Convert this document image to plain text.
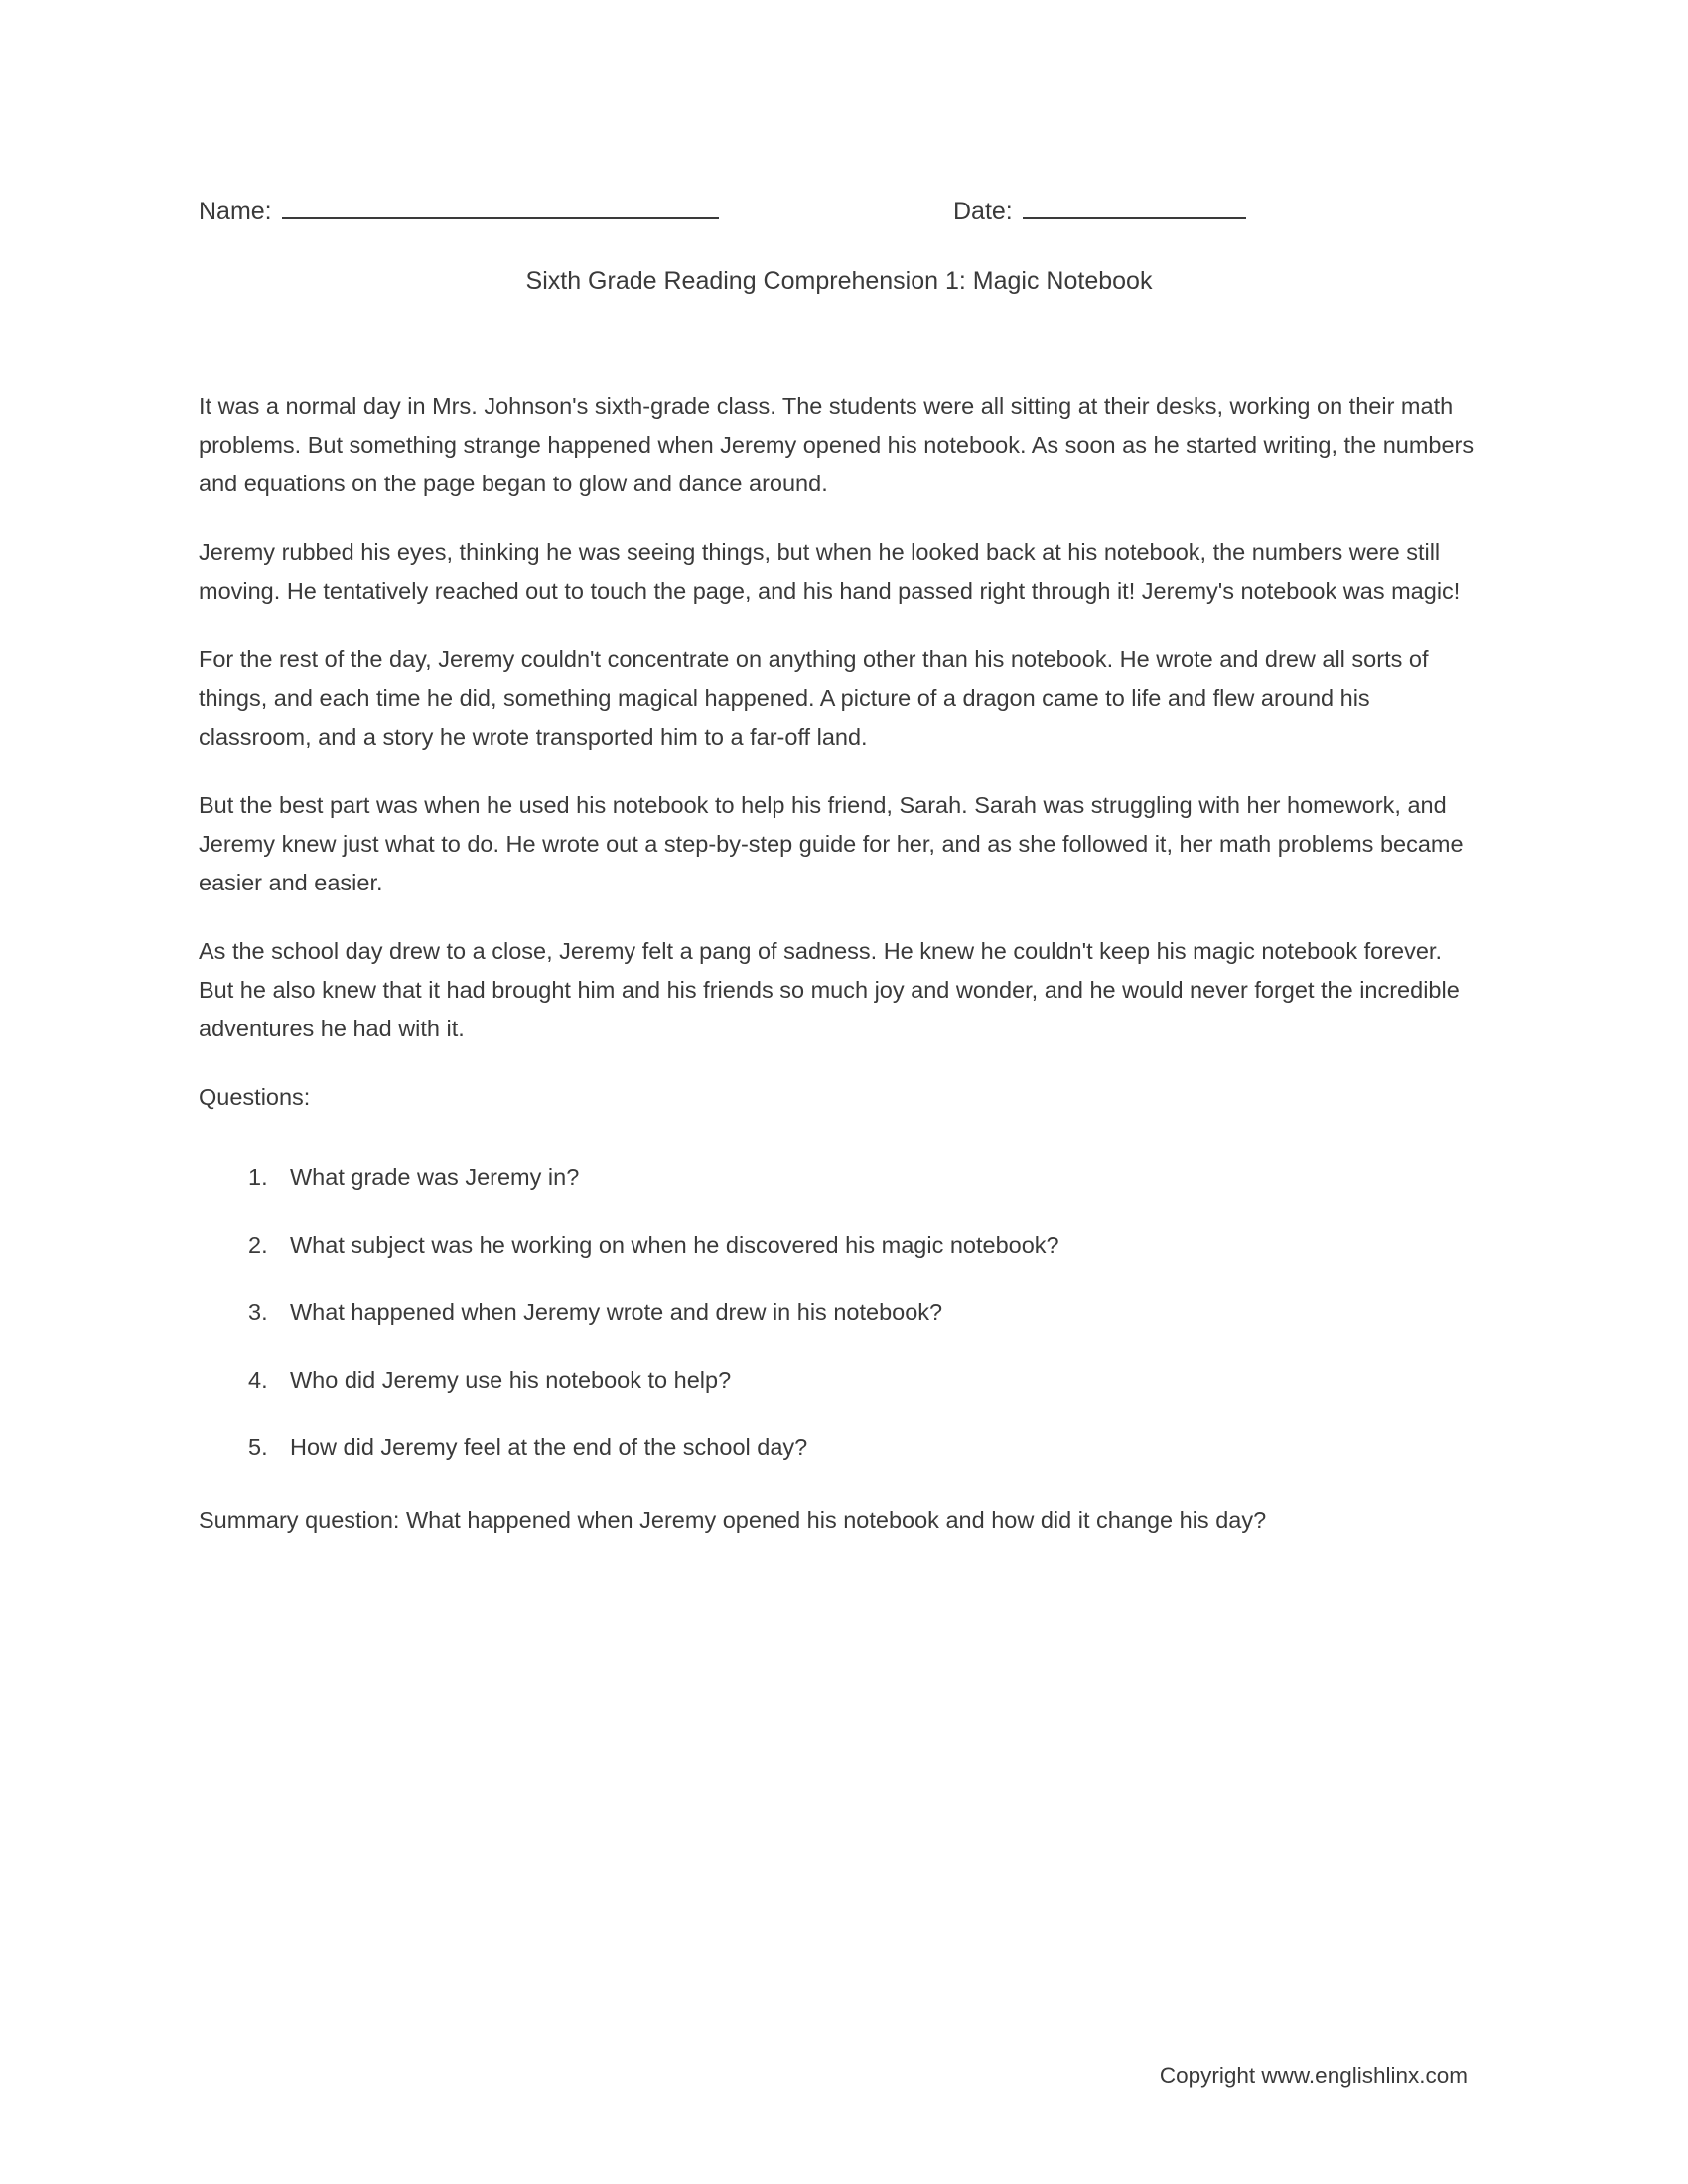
Name:	Date:
Sixth Grade Reading Comprehension 1: Magic Notebook

It was a normal day in Mrs. Johnson's sixth-grade class. The students were all sitting at their desks, working on their math problems. But something strange happened when Jeremy opened his notebook. As soon as he started writing, the numbers and equations on the page began to glow and dance around.

Jeremy rubbed his eyes, thinking he was seeing things, but when he looked back at his notebook, the numbers were still moving. He tentatively reached out to touch the page, and his hand passed right through it! Jeremy's notebook was magic!

For the rest of the day, Jeremy couldn't concentrate on anything other than his notebook. He wrote and drew all sorts of things, and each time he did, something magical happened. A picture of a dragon came to life and flew around his classroom, and a story he wrote transported him to a far-off land.

But the best part was when he used his notebook to help his friend, Sarah. Sarah was struggling with her homework, and Jeremy knew just what to do. He wrote out a step-by-step guide for her, and as she followed it, her math problems became easier and easier.

As the school day drew to a close, Jeremy felt a pang of sadness. He knew he couldn't keep his magic notebook forever. But he also knew that it had brought him and his friends so much joy and wonder, and he would never forget the incredible adventures he had with it.

Questions:

1. What grade was Jeremy in?
2. What subject was he working on when he discovered his magic notebook?
3. What happened when Jeremy wrote and drew in his notebook?
4. Who did Jeremy use his notebook to help?
5. How did Jeremy feel at the end of the school day?

Summary question: What happened when Jeremy opened his notebook and how did it change his day?

Copyright www.englishlinx.com
